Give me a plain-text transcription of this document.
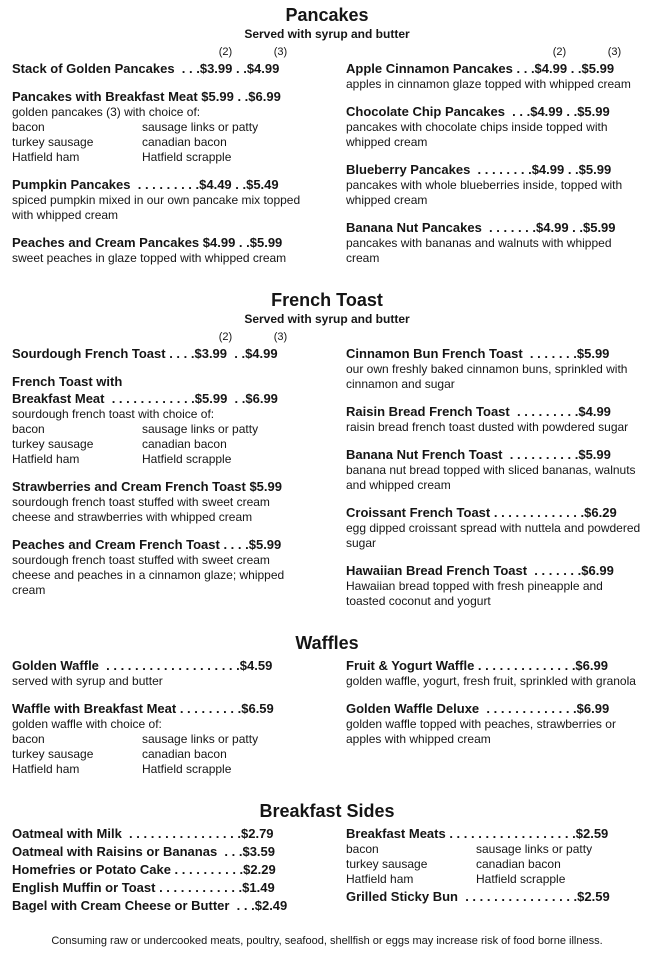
Pancakes
Served with syrup and butter
(2)	(3)
Stack of Golden Pancakes  . . .$3.99 . .$4.99
Pancakes with Breakfast Meat $5.99 . .$6.99
golden pancakes (3) with choice of:
bacon	sausage links or patty
turkey sausage	canadian bacon
Hatfield ham	Hatfield scrapple
Pumpkin Pancakes  . . . . . . . . .$4.49 . .$5.49
spiced pumpkin mixed in our own pancake mix topped with whipped cream
Peaches and Cream Pancakes $4.99 . .$5.99
sweet peaches in glaze topped with whipped cream
(2)	(3)
Apple Cinnamon Pancakes . . .$4.99 . .$5.99
apples in cinnamon glaze topped with whipped cream
Chocolate Chip Pancakes  . . .$4.99 . .$5.99
pancakes with chocolate chips inside topped with whipped cream
Blueberry Pancakes  . . . . . . . .$4.99 . .$5.99
pancakes with whole blueberries inside, topped with whipped cream
Banana Nut Pancakes  . . . . . . .$4.99 . .$5.99
pancakes with bananas and walnuts with whipped cream
French Toast
Served with syrup and butter
(2)	(3)
Sourdough French Toast . . . .$3.99  . .$4.99
French Toast with
Breakfast Meat  . . . . . . . . . . . .$5.99  . .$6.99
sourdough french toast with choice of:
bacon	sausage links or patty
turkey sausage	canadian bacon
Hatfield ham	Hatfield scrapple
Strawberries and Cream French Toast $5.99
sourdough french toast stuffed with sweet cream cheese and strawberries with whipped cream
Peaches and Cream French Toast . . . .$5.99
sourdough french toast stuffed with sweet cream cheese and peaches in a cinnamon glaze; whipped cream
Cinnamon Bun French Toast  . . . . . . .$5.99
our own freshly baked cinnamon buns, sprinkled with cinnamon and sugar
Raisin Bread French Toast  . . . . . . . . .$4.99
raisin bread french toast dusted with powdered sugar
Banana Nut French Toast  . . . . . . . . . .$5.99
banana nut bread topped with sliced bananas, walnuts and whipped cream
Croissant French Toast . . . . . . . . . . . . .$6.29
egg dipped croissant spread with nuttela and powdered sugar
Hawaiian Bread French Toast  . . . . . . .$6.99
Hawaiian bread topped with fresh pineapple and toasted coconut and yogurt
Waffles
Golden Waffle  . . . . . . . . . . . . . . . . . . .$4.59
served with syrup and butter
Waffle with Breakfast Meat . . . . . . . . .$6.59
golden waffle with choice of:
bacon	sausage links or patty
turkey sausage	canadian bacon
Hatfield ham	Hatfield scrapple
Fruit & Yogurt Waffle . . . . . . . . . . . . . .$6.99
golden waffle, yogurt, fresh fruit, sprinkled with granola
Golden Waffle Deluxe  . . . . . . . . . . . . .$6.99
golden waffle topped with peaches, strawberries or apples with whipped cream
Breakfast Sides
Oatmeal with Milk  . . . . . . . . . . . . . . . .$2.79
Oatmeal with Raisins or Bananas  . . .$3.59
Homefries or Potato Cake . . . . . . . . . .$2.29
English Muffin or Toast . . . . . . . . . . . .$1.49
Bagel with Cream Cheese or Butter  . . .$2.49
Breakfast Meats . . . . . . . . . . . . . . . . . .$2.59
bacon	sausage links or patty
turkey sausage	canadian bacon
Hatfield ham	Hatfield scrapple
Grilled Sticky Bun  . . . . . . . . . . . . . . . .$2.59
Consuming raw or undercooked meats, poultry, seafood, shellfish or eggs may increase risk of food borne illness.
